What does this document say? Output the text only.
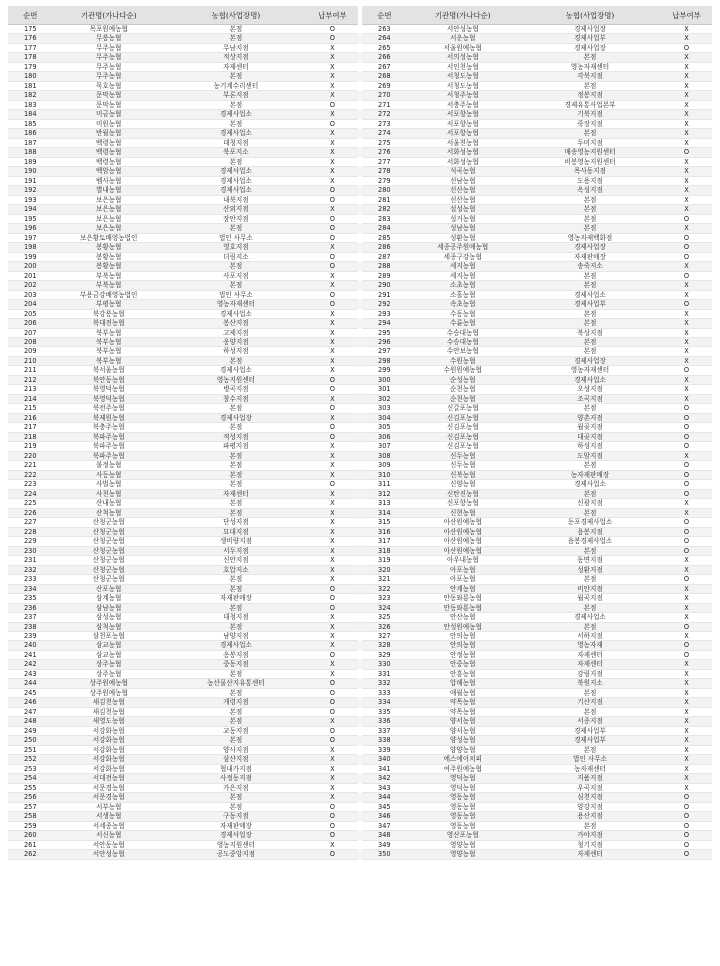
순번	기관명(가나다순)	농협(사업장명)	납부여부		순번	기관명(가나다순)	농협(사업장명)	납부여부
175	목포원예농협	본점	O		263	서안성농협	경제사업장	X
176	무릉농협	본점	O		264	서운농협	경제사업부	X
177	무주농협	무남지점	X		265	서울원예농협	경제사업장	O
178	무주농협	적상지점	X		266	서의성농협	본점	X
179	무주농협	자재센터	X		267	서인천농협	영농자재센터	X
180	무주농협	본점	X		268	서청도농협	각북지점	X
181	묵호농협	농기계수리센터	X		269	서청도농협	본점	X
182	문막농협	부론지점	X		270	서청주농협	정봉지점	X
183	문막농협	본점	O		271	서충주농협	경제유통사업본부	X
184	미금농협	경제사업소	X		272	서포항농협	기북지점	X
185	미원농협	본점	O		273	서포항농협	죽장지점	X
186	반월농협	경제사업소	X		274	서포항농협	본점	X
187	백령농협	대청지점	X		275	서울천농협	두미지점	X
188	백령농협	북포지소	X		276	서화성농협	매송영농지원센터	O
189	백령농협	본점	X		277	서화성농협	비봉영농지원센터	X
190	백암농협	경제사업소	X		278	석곡농협	목사동지점	X
191	뱀사농협	경제사업소	X		279	선남농협	도용지점	X
192	별내농협	경제사업소	O		280	선산농협	옥성지점	X
193	보은농협	내북지점	O		281	선산농협	본점	X
194	보은농협	산외지점	X		282	설성농협	본점	X
195	보은농협	장안지점	O		283	성거농협	본점	O
196	보은농협	본점	O		284	성남농협	본점	X
197	보은황토배영농법인	법인 사무소	O		285	성환농협	영농자재백화점	O
198	봉황농협	영호지점	X		286	세종공주원예농협	경제사업장	O
199	봉황농협	더림지소	O		287	세종구강농협	자재판매장	O
200	봉황농협	본점	O		288	세지농협	송죽지소	X
201	부북농협	사포지점	X		289	세지농협	본점	O
202	부북농협	본점	X		290	소초농협	본점	X
203	부용금강배영농법인	법인 사무소	O		291	소흘농협	경제사업소	X
204	부평농협	영농자재센터	O		292	속초농협	경제사업부	O
205	북강릉농협	경제사업소	X		293	수동농협	본점	X
206	북대전농협	봉산지점	X		294	수륜농협	본점	X
207	북부농협	고제지점	X		295	수승대농협	북상지점	X
208	북부농협	웅양지점	X		296	수승대농협	본점	X
209	북부농협	하성지점	X		297	수안보농협	본점	X
210	북부농협	본점	X		298	수원농협	경제사업장	X
211	북서울농협	경제사업소	X		299	수원원예농협	영농자재센터	O
212	북안동농협	영농지원센터	O		300	순성농협	경제사업소	X
213	북영덕농협	병곡지점	O		301	순천농협	오성지점	X
214	북영덕농협	창수지점	X		302	순천농협	조곡지점	X
215	북전주농협	본점	O		303	신갈포농협	본점	O
216	북제원농협	경제사업장	X		304	신김포농협	양촌지점	O
217	북충주농협	본점	O		305	신김포농협	월곶지점	O
218	북파주농협	적성지점	O		306	신김포농협	대곶지점	O
219	북파주농협	파평지점	X		307	신김포농협	하성지점	O
220	북파주농협	본점	X		308	신두농협	도암지점	X
221	불정농협	본점	X		309	신두농협	본점	O
222	사등농협	본점	X		310	신북농협	농자재판매장	O
223	사벌농협	본점	O		311	신양농협	경제사업소	O
224	사천농협	자재센터	X		312	신탄진농협	본점	O
225	산내농협	본점	X		313	신포항농협	신광지점	X
226	산척농협	본점	X		314	신현농협	본점	X
227	산청군농협	단성지점	X		315	아산원예농협	둔포경제사업소	O
228	산청군농협	묘대지점	X		316	아산원예농협	음봉지점	O
229	산청군농협	생비량지점	X		317	아산원예농협	음봉경제사업소	O
230	산청군농협	서두지점	X		318	아산원예농협	본점	O
231	산청군농협	신안지점	X		319	아우내농협	동면지점	X
232	산청군농협	호압지소	X		320	아포농협	성환지점	X
233	산청군농협	본점	X		321	아포농협	본점	O
234	산포농협	본점	O		322	안계농협	비안지점	X
235	삼계농협	자재판매장	O		323	안동와룡농협	월곡지점	X
236	삼남농협	본점	O		324	안동와룡농협	본점	X
237	삼성농협	대청지점	X		325	안산농협	경제사업소	X
238	삼척농협	본점	X		326	안성원예농협	본점	O
239	삼천포농협	남양지점	X		327	안의농협	서하지점	X
240	삼교농협	경제사업소	X		328	안의농협	영농자재	O
241	삼교농협	응봉지점	O		329	안정농협	자재센터	O
242	상주농협	중동지점	X		330	안중농협	자재센터	X
243	상주농협	본점	X		331	안흥농협	강림지점	X
244	상주원예농협	농산물산지유통센터	O		332	압해농협	북원지소	X
245	상주원예농협	본점	O		333	애월농협	본점	X
246	새김천농협	개령지점	O		334	약목농협	기산지점	X
247	새김천농협	본점	O		335	약목농협	본점	X
248	새영도농협	본점	X		336	양서농협	서종지점	X
249	서강화농협	교동지점	O		337	양서농협	경제사업부	X
250	서강화농협	본점	O		338	양성농협	경제사업부	X
251	서강화농협	양사지점	X		339	양양농협	본점	X
252	서강화농협	삼산지점	X		340	에스에이치피	법인 사무소	X
253	서강화농협	협내가지점	X		341	여주원예농협	농자재센터	X
254	서대전농협	사정동지점	X		342	영덕농협	지품지점	X
255	서문경농협	가은지점	X		343	영덕농협	우곡지점	X
256	서문경농협	본점	X		344	영동농협	심천지점	O
257	서부농협	본점	O		345	영동농협	양강지점	O
258	서생농협	구동지점	O		346	영동농협	용산지점	O
259	서세종농협	자재판매장	O		347	영동농협	본점	O
260	서신농협	경제사업장	O		348	영산포농협	가야지점	O
261	서안동농협	영농지원센터	X		349	영양농협	청기지점	O
262	서안성농협	공도중앙지점	O		350	영양농협	자재센터	O
